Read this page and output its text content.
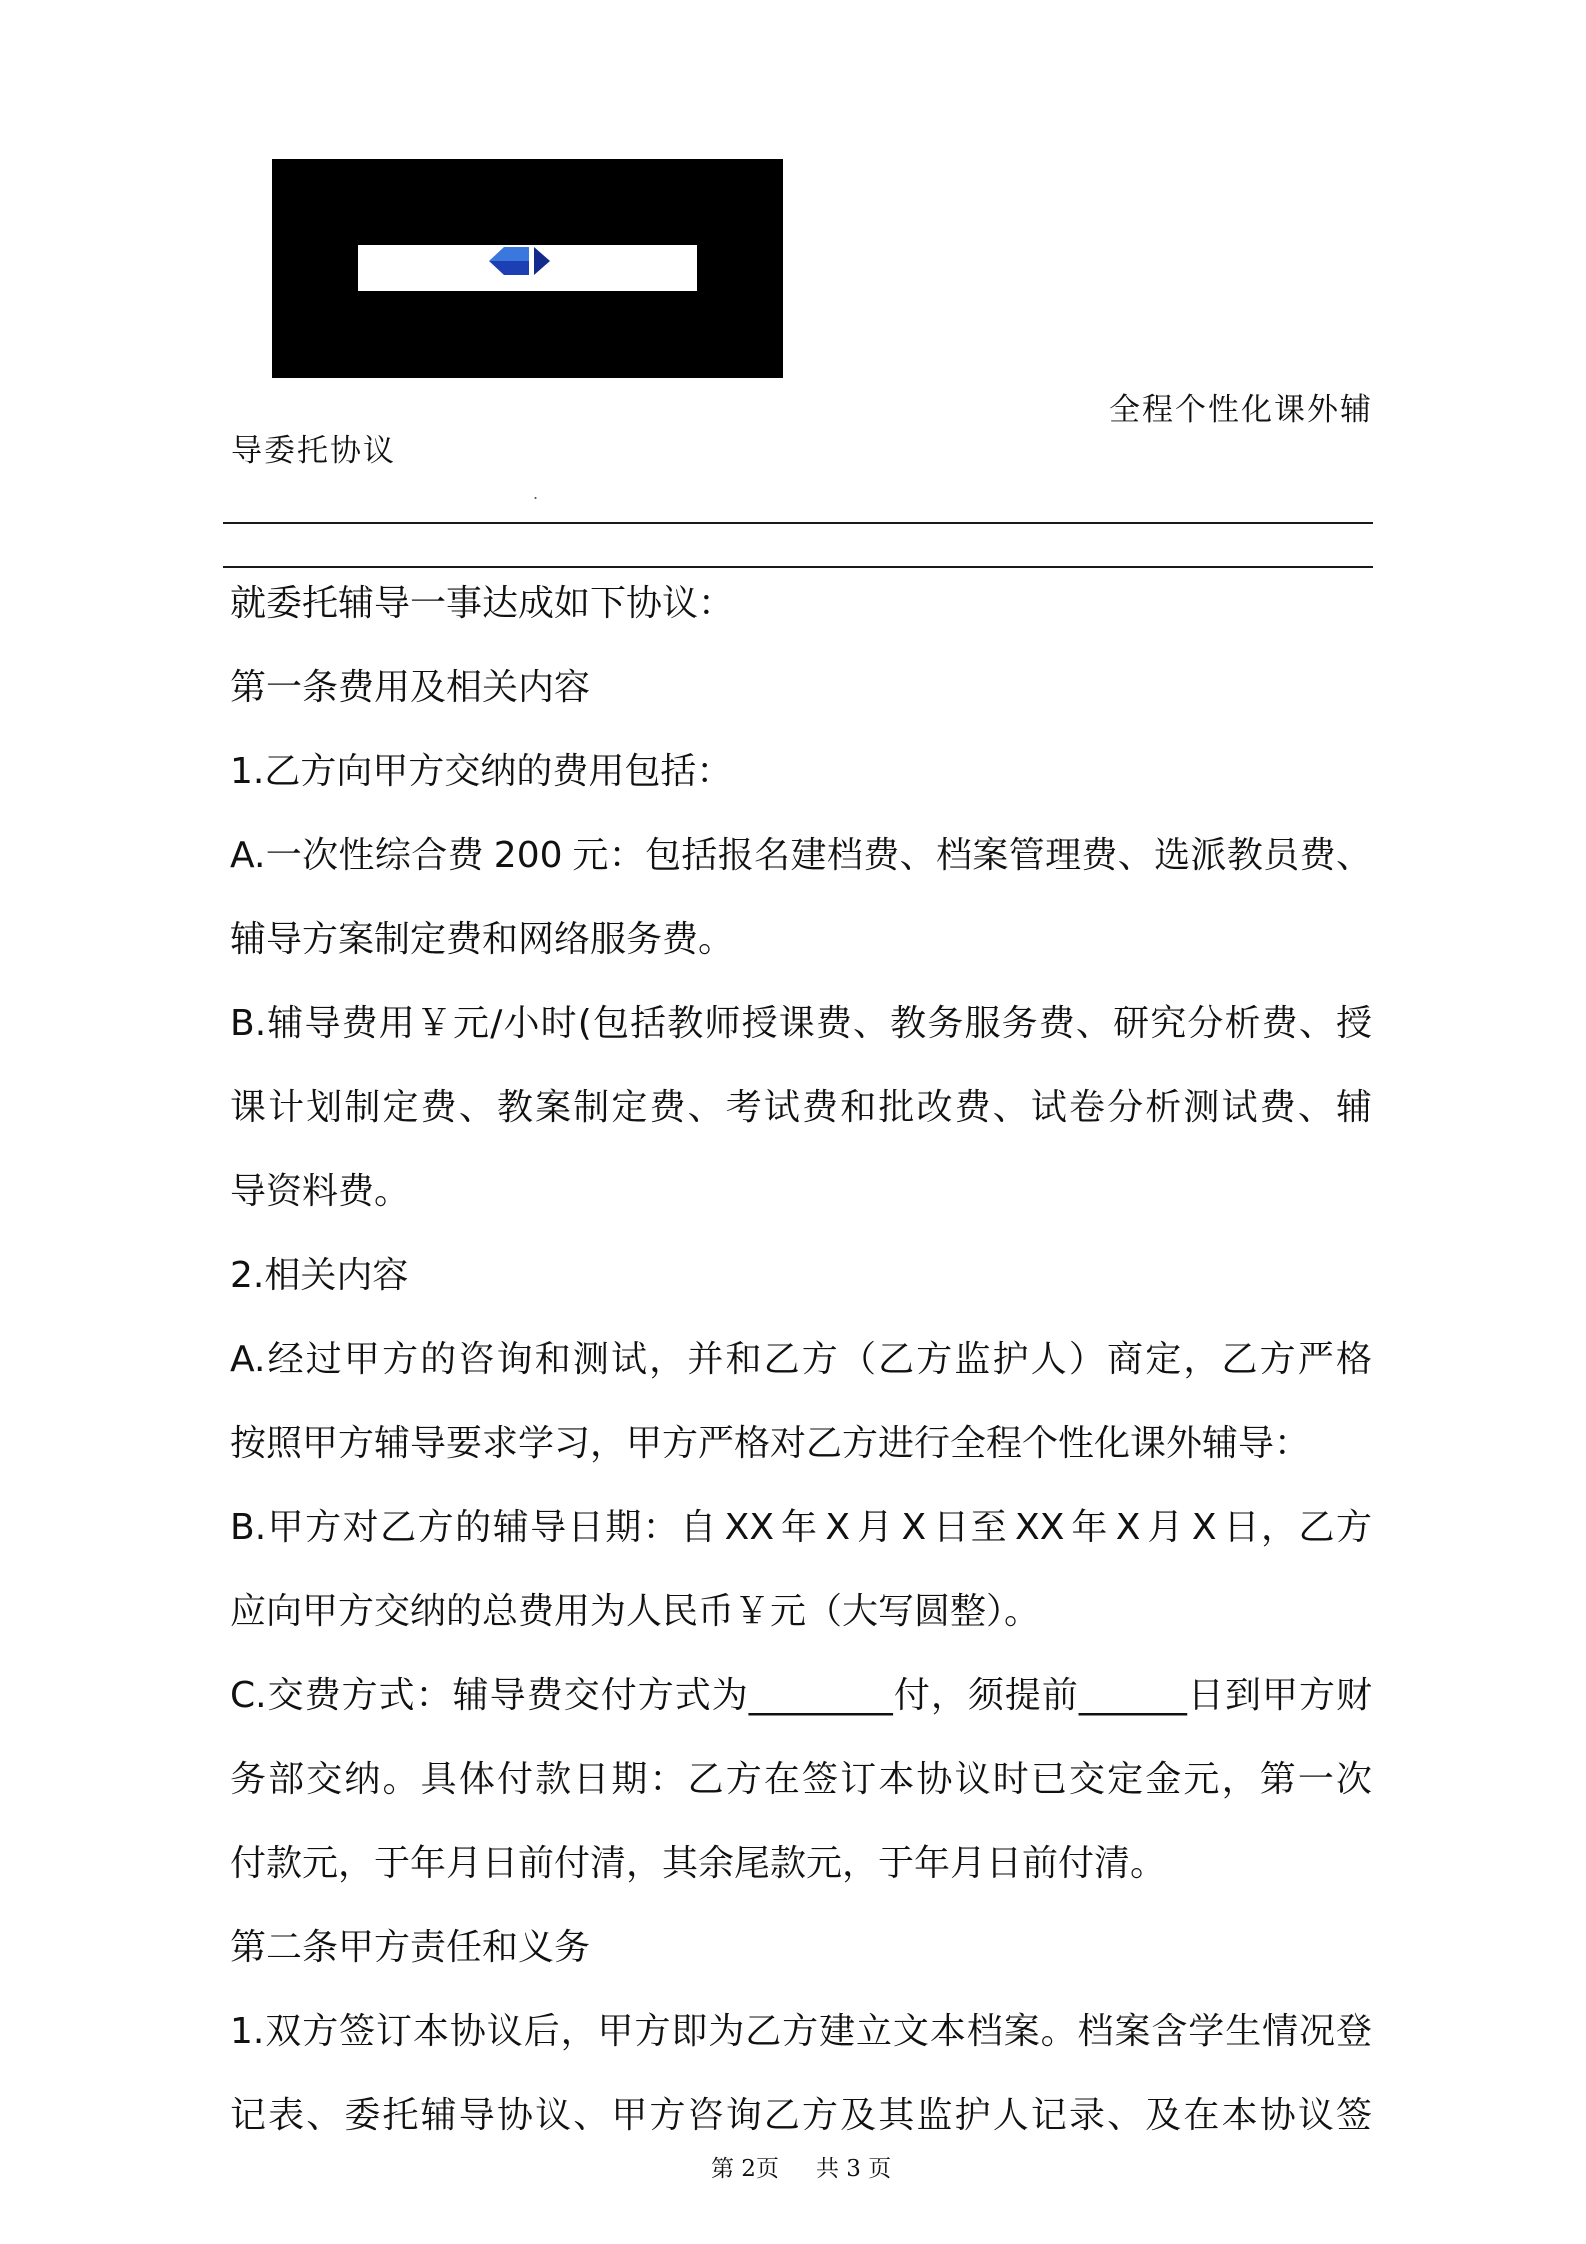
全程个性化课外辅
导委托协议
.
就委托辅导一事达成如下协议：
第一条费用及相关内容
1.乙方向甲方交纳的费用包括：
A.一次性综合费 200 元：包括报名建档费、档案管理费、选派教员费、
辅导方案制定费和网络服务费。
B.辅导费用￥元/小时(包括教师授课费、教务服务费、研究分析费、授
课计划制定费、教案制定费、考试费和批改费、试卷分析测试费、辅
导资料费。
2.相关内容
A.经过甲方的咨询和测试，并和乙方（乙方监护人）商定，乙方严格
按照甲方辅导要求学习，甲方严格对乙方进行全程个性化课外辅导：
B.甲方对乙方的辅导日期：自 XX 年 X 月 X 日至 XX 年 X 月 X 日，乙方
应向甲方交纳的总费用为人民币￥元（大写圆整）。
C.交费方式：辅导费交付方式为________付，须提前______日到甲方财
务部交纳。具体付款日期：乙方在签订本协议时已交定金元，第一次
付款元，于年月日前付清，其余尾款元，于年月日前付清。
第二条甲方责任和义务
1.双方签订本协议后，甲方即为乙方建立文本档案。档案含学生情况登
记表、委托辅导协议、甲方咨询乙方及其监护人记录、及在本协议签
第 2页 共 3 页
